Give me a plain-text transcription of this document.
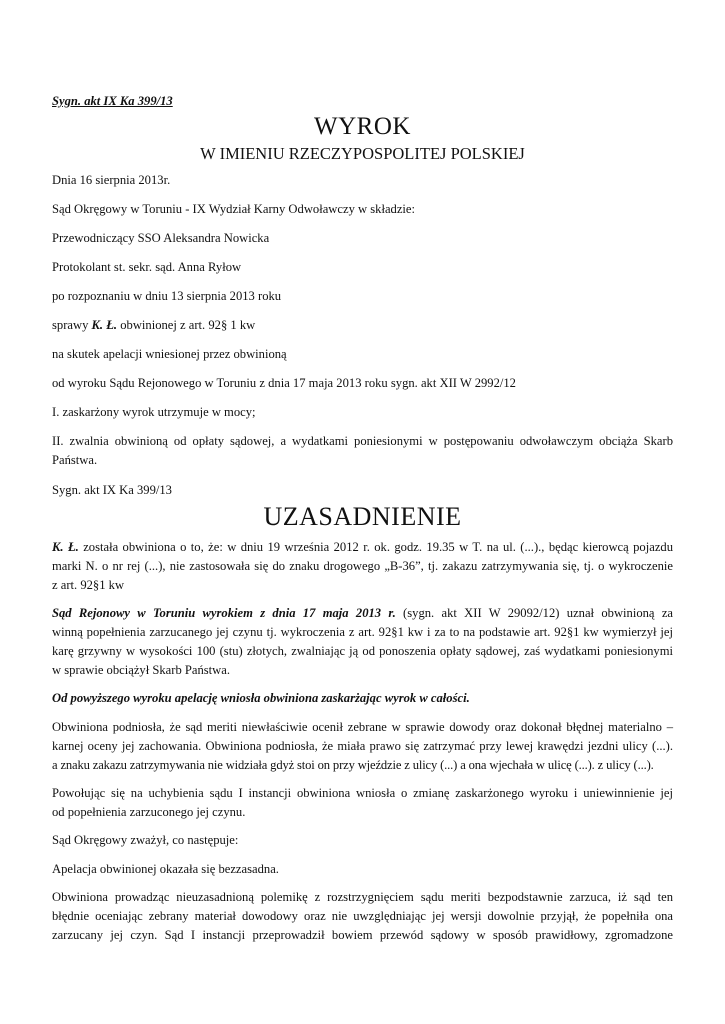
Sygn. akt IX Ka 399/13
WYROK
W IMIENIU RZECZYPOSPOLITEJ POLSKIEJ
Dnia 16 sierpnia 2013r.
Sąd Okręgowy w Toruniu - IX Wydział Karny Odwoławczy w składzie:
Przewodniczący SSO Aleksandra Nowicka
Protokolant st. sekr. sąd. Anna Ryłow
po rozpoznaniu w dniu 13 sierpnia 2013 roku
sprawy K. Ł. obwinionej z art. 92§ 1 kw
na skutek apelacji wniesionej przez obwinioną
od wyroku Sądu Rejonowego w Toruniu z dnia 17 maja 2013 roku sygn. akt XII W 2992/12
I. zaskarżony wyrok utrzymuje w mocy;
II. zwalnia obwinioną od opłaty sądowej, a wydatkami poniesionymi w postępowaniu odwoławczym obciąża Skarb
Państwa.
Sygn. akt IX Ka 399/13
UZASADNIENIE
K. Ł. została obwiniona o to, że: w dniu 19 września 2012 r. ok. godz. 19.35 w T. na ul. (...)., będąc kierowcą pojazdu
marki N. o nr rej (...), nie zastosowała się do znaku drogowego „B-36”, tj. zakazu zatrzymywania się, tj. o wykroczenie
z art. 92§1 kw
Sąd Rejonowy w Toruniu wyrokiem z dnia 17 maja 2013 r. (sygn. akt XII W 29092/12) uznał obwinioną za
winną popełnienia zarzucanego jej czynu tj. wykroczenia z art. 92§1 kw i za to na podstawie art. 92§1 kw wymierzył jej
karę grzywny w wysokości 100 (stu) złotych, zwalniając ją od ponoszenia opłaty sądowej, zaś wydatkami poniesionymi
w sprawie obciążył Skarb Państwa.
Od powyższego wyroku apelację wniosła obwiniona zaskarżając wyrok w całości.
Obwiniona podniosła, że sąd meriti niewłaściwie ocenił zebrane w sprawie dowody oraz dokonał błędnej materialno –
karnej oceny jej zachowania. Obwiniona podniosła, że miała prawo się zatrzymać przy lewej krawędzi jezdni ulicy (...).
a znaku zakazu zatrzymywania nie widziała gdyż stoi on przy wjeździe z ulicy (...) a ona wjechała w ulicę (...). z ulicy (...).
Powołując się na uchybienia sądu I instancji obwiniona wniosła o zmianę zaskarżonego wyroku i uniewinnienie jej
od popełnienia zarzuconego jej czynu.
Sąd Okręgowy zważył, co następuje:
Apelacja obwinionej okazała się bezzasadna.
Obwiniona prowadząc nieuzasadnioną polemikę z rozstrzygnięciem sądu meriti bezpodstawnie zarzuca, iż sąd ten
błędnie oceniając zebrany materiał dowodowy oraz nie uwzględniając jej wersji dowolnie przyjął, że popełniła ona
zarzucany jej czyn. Sąd I instancji przeprowadził bowiem przewód sądowy w sposób prawidłowy, zgromadzone
